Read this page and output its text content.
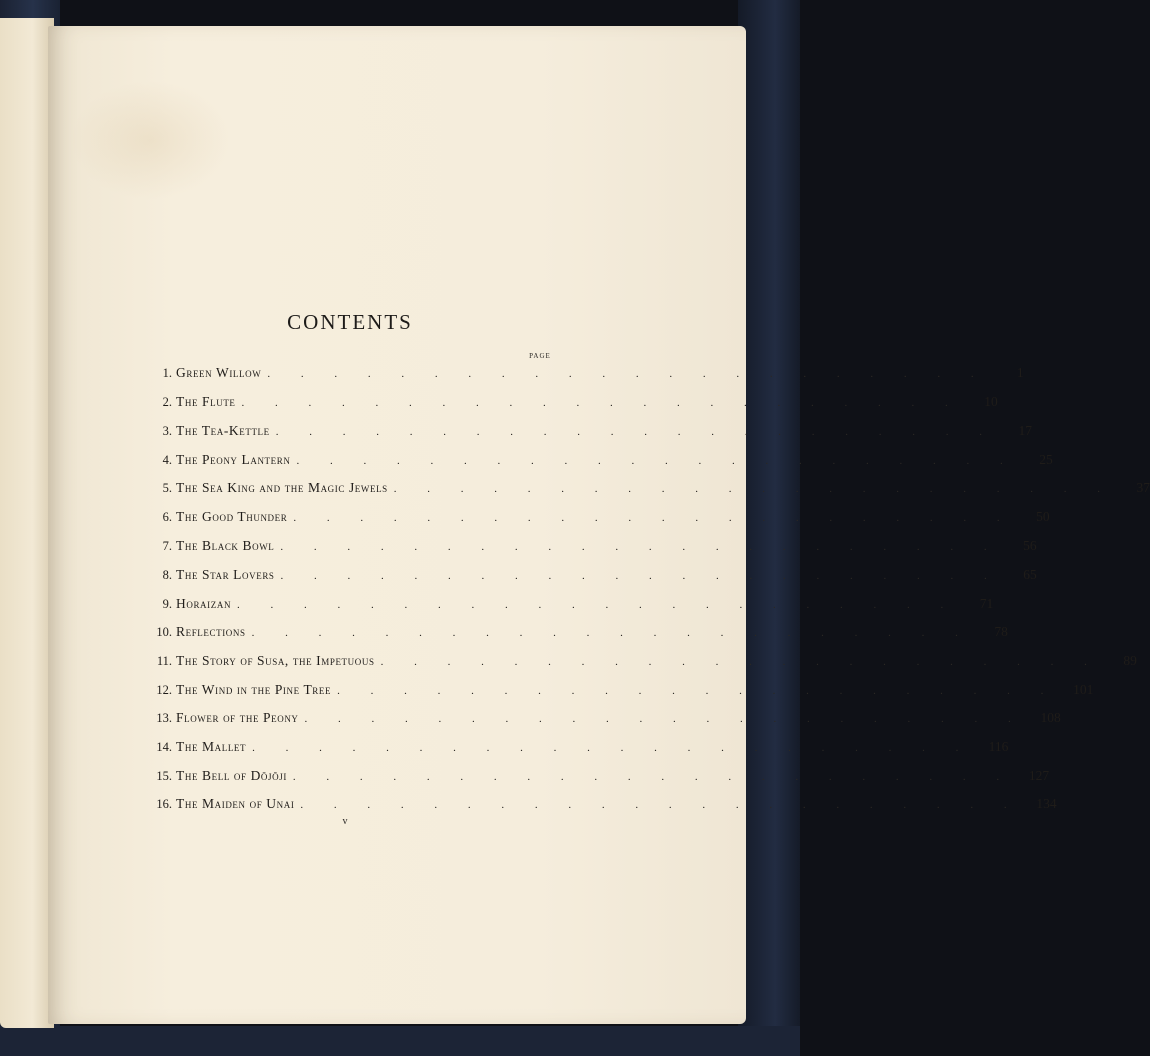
CONTENTS
PAGE
1. Green Willow . . . . . . . . . . . . . . . . . . . . . .	1
2. The Flute . . . . . . . . . . . . . . . . . . . . . .	10
3. The Tea-Kettle . . . . . . . . . . . . . . . . . . . . . .	17
4. The Peony Lantern . . . . . . . . . . . . . . . . . . . . . .	25
5. The Sea King and the Magic Jewels . . . . . . . . . . . . . . . . . . . . . .	37
6. The Good Thunder . . . . . . . . . . . . . . . . . . . . . .	50
7. The Black Bowl . . . . . . . . . . . . . . . . . . . . . .	56
8. The Star Lovers . . . . . . . . . . . . . . . . . . . . . .	65
9. Horaizan . . . . . . . . . . . . . . . . . . . . . .	71
10. Reflections . . . . . . . . . . . . . . . . . . . . . .	78
11. The Story of Susa, the Impetuous . . . . . . . . . . . . . . . . . . . . . .	89
12. The Wind in the Pine Tree . . . . . . . . . . . . . . . . . . . . . .	101
13. Flower of the Peony . . . . . . . . . . . . . . . . . . . . . .	108
14. The Mallet . . . . . . . . . . . . . . . . . . . . . .	116
15. The Bell of Dōjōji . . . . . . . . . . . . . . . . . . . . . .	127
16. The Maiden of Unai . . . . . . . . . . . . . . . . . . . . . .	134
v
